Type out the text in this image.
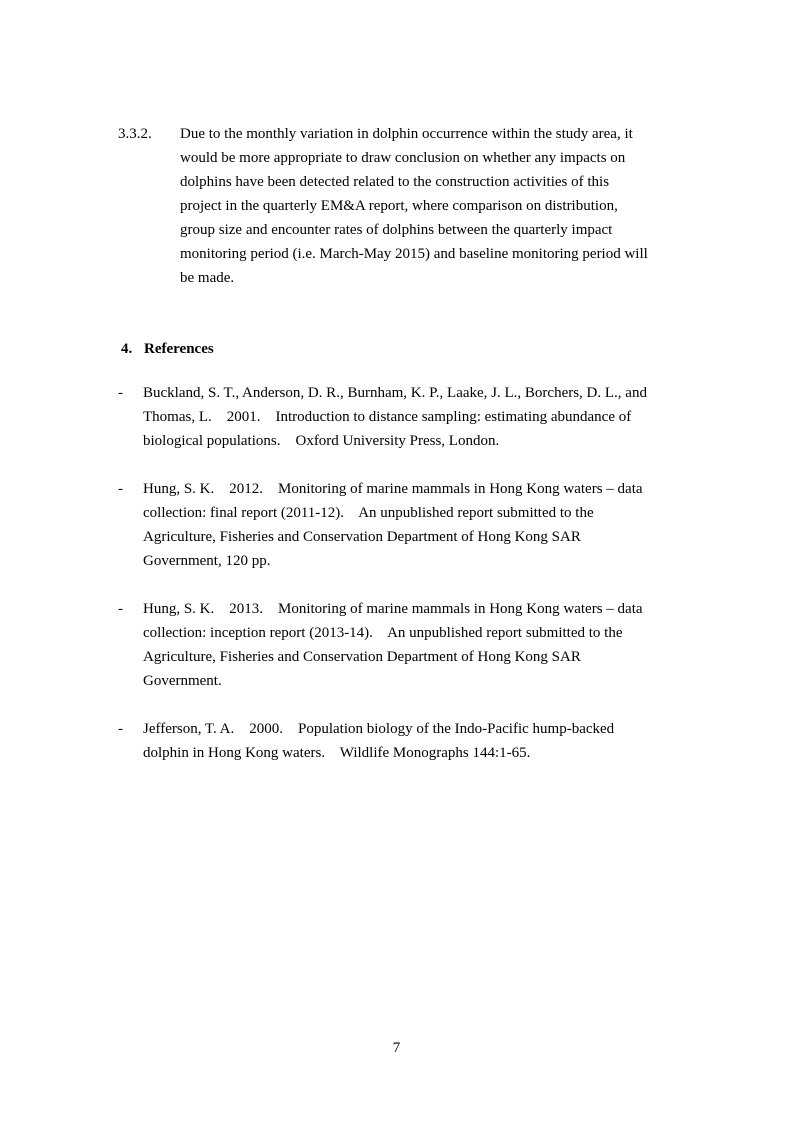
3.3.2. Due to the monthly variation in dolphin occurrence within the study area, it
would be more appropriate to draw conclusion on whether any impacts on
dolphins have been detected related to the construction activities of this
project in the quarterly EM&A report, where comparison on distribution,
group size and encounter rates of dolphins between the quarterly impact
monitoring period (i.e. March-May 2015) and baseline monitoring period will
be made.
4. References
- Buckland, S. T., Anderson, D. R., Burnham, K. P., Laake, J. L., Borchers, D. L., and
Thomas, L.    2001.    Introduction to distance sampling: estimating abundance of
biological populations.    Oxford University Press, London.
- Hung, S. K.    2012.    Monitoring of marine mammals in Hong Kong waters – data
collection: final report (2011-12).    An unpublished report submitted to the
Agriculture, Fisheries and Conservation Department of Hong Kong SAR
Government, 120 pp.
- Hung, S. K.    2013.    Monitoring of marine mammals in Hong Kong waters – data
collection: inception report (2013-14).    An unpublished report submitted to the
Agriculture, Fisheries and Conservation Department of Hong Kong SAR
Government.
- Jefferson, T. A.    2000.    Population biology of the Indo-Pacific hump-backed
dolphin in Hong Kong waters.    Wildlife Monographs 144:1-65.
7
